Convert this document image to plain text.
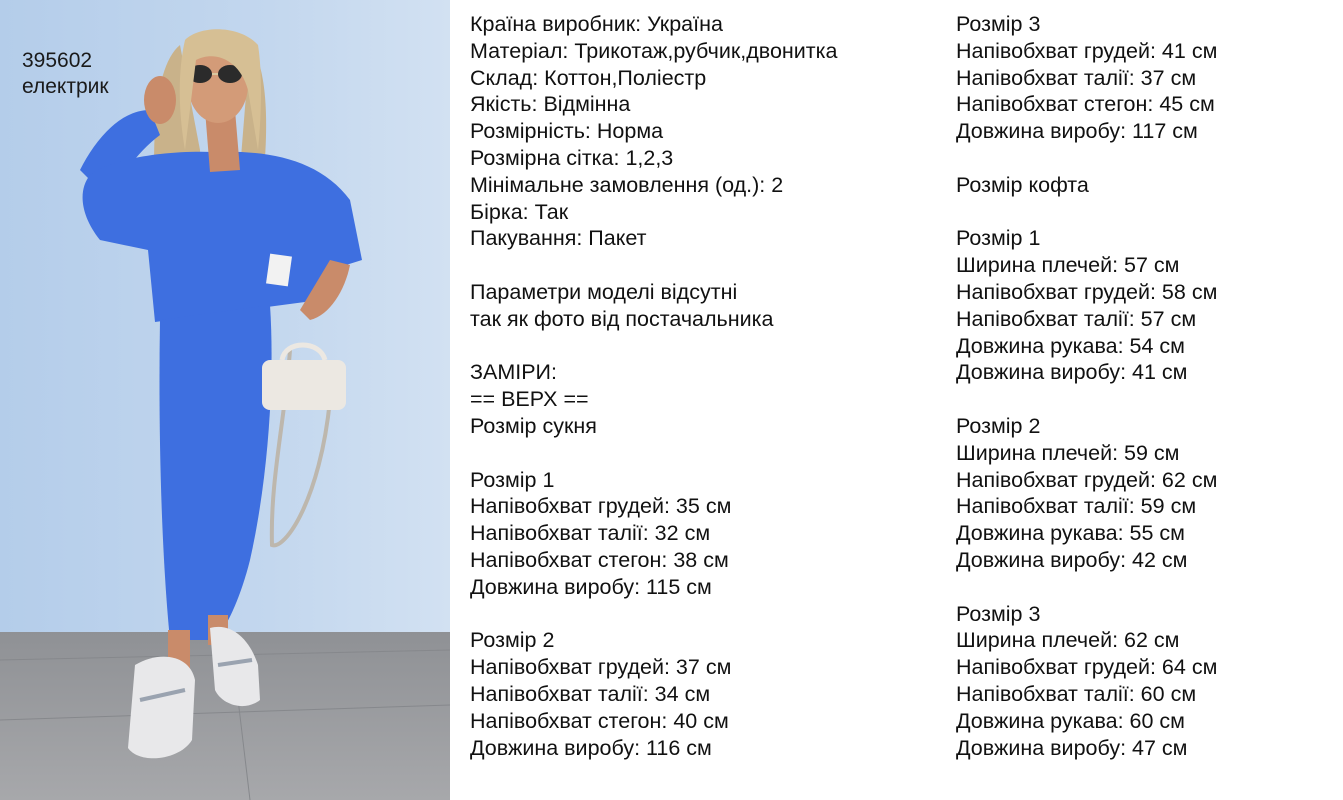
395602
електрик
Країна виробник: Україна
Матеріал: Трикотаж,рубчик,двонитка
Склад: Коттон,Поліестр
Якість: Відмінна
Розмірність: Норма
Розмірна сітка: 1,2,3
Мінімальне замовлення (од.): 2
Бірка: Так
Пакування: Пакет
Параметри моделі відсутні
так як фото від постачальника
ЗАМІРИ:
== ВЕРХ ==
Розмір сукня
Розмір 1
Напівобхват грудей: 35 см
Напівобхват талії: 32 см
Напівобхват стегон: 38 см
Довжина виробу: 115 см
Розмір 2
Напівобхват грудей: 37 см
Напівобхват талії: 34 см
Напівобхват стегон: 40 см
Довжина виробу: 116 см
Розмір 3
Напівобхват грудей: 41 см
Напівобхват талії: 37 см
Напівобхват стегон: 45 см
Довжина виробу: 117 см
Розмір кофта
Розмір 1
Ширина плечей: 57 см
Напівобхват грудей: 58 см
Напівобхват талії: 57 см
Довжина рукава: 54 см
Довжина виробу: 41 см
Розмір 2
Ширина плечей: 59 см
Напівобхват грудей: 62 см
Напівобхват талії: 59 см
Довжина рукава: 55 см
Довжина виробу: 42 см
Розмір 3
Ширина плечей: 62 см
Напівобхват грудей: 64 см
Напівобхват талії: 60 см
Довжина рукава: 60 см
Довжина виробу: 47 см
